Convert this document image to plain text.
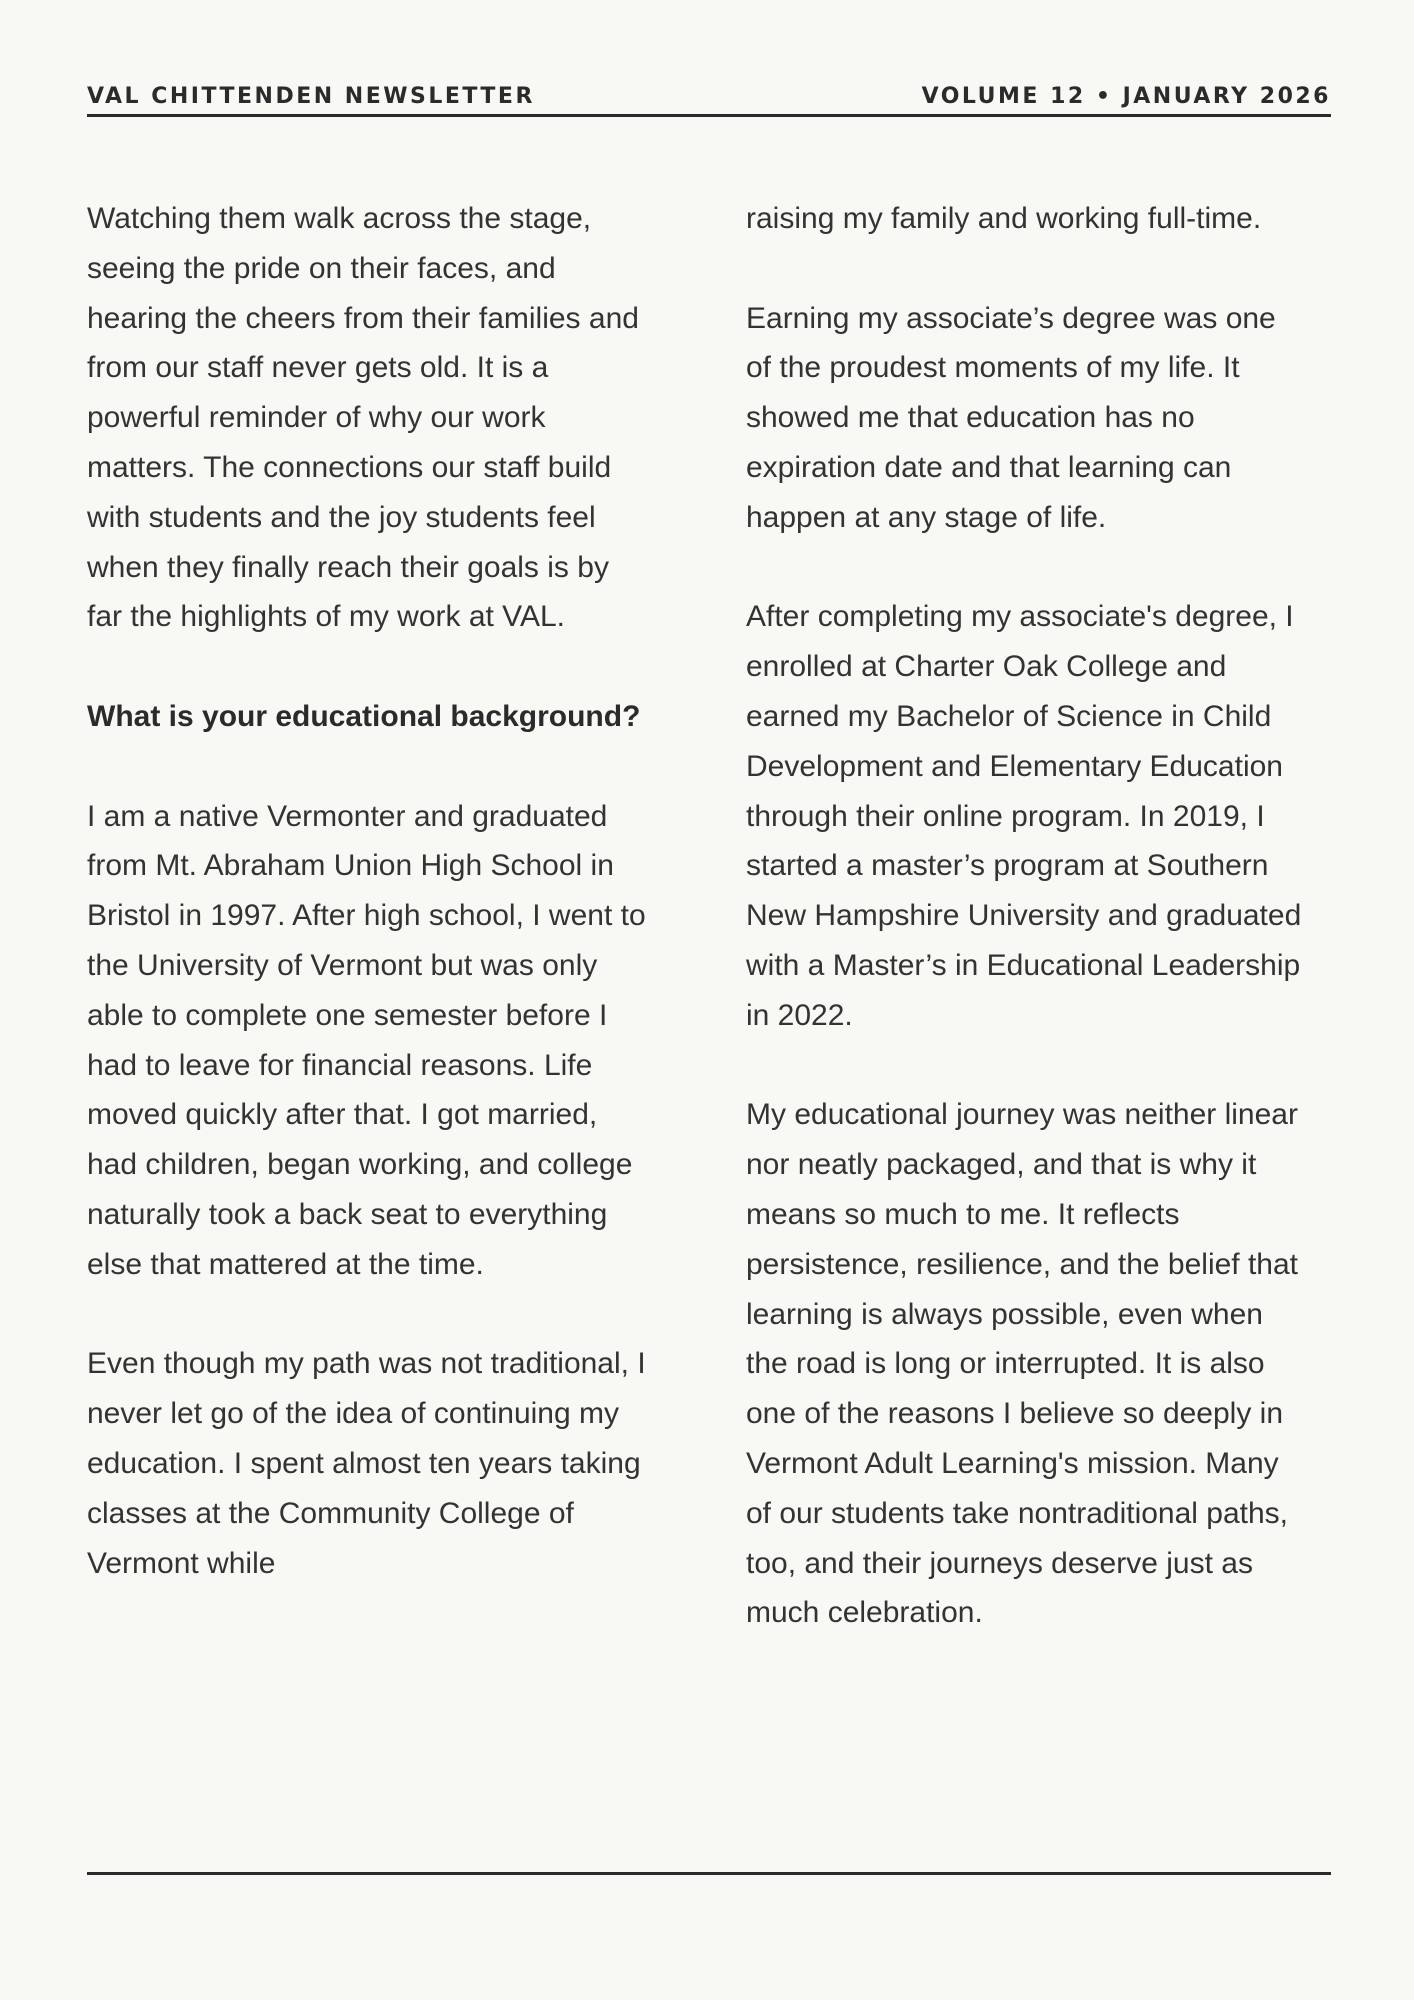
VAL CHITTENDEN NEWSLETTER	VOLUME 12 • JANUARY 2026

Watching them walk across the stage, seeing the pride on their faces, and hearing the cheers from their families and from our staff never gets old. It is a powerful reminder of why our work matters. The connections our staff build with students and the joy students feel when they finally reach their goals is by far the highlights of my work at VAL.

What is your educational background?

I am a native Vermonter and graduated from Mt. Abraham Union High School in Bristol in 1997. After high school, I went to the University of Vermont but was only able to complete one semester before I had to leave for financial reasons. Life moved quickly after that. I got married, had children, began working, and college naturally took a back seat to everything else that mattered at the time.

Even though my path was not traditional, I never let go of the idea of continuing my education. I spent almost ten years taking classes at the Community College of Vermont while

raising my family and working full-time.

Earning my associate’s degree was one of the proudest moments of my life. It showed me that education has no expiration date and that learning can happen at any stage of life.

After completing my associate's degree, I enrolled at Charter Oak College and earned my Bachelor of Science in Child Development and Elementary Education through their online program. In 2019, I started a master’s program at Southern New Hampshire University and graduated with a Master’s in Educational Leadership in 2022.

My educational journey was neither linear nor neatly packaged, and that is why it means so much to me. It reflects persistence, resilience, and the belief that learning is always possible, even when the road is long or interrupted. It is also one of the reasons I believe so deeply in Vermont Adult Learning's mission. Many of our students take nontraditional paths, too, and their journeys deserve just as much celebration.
